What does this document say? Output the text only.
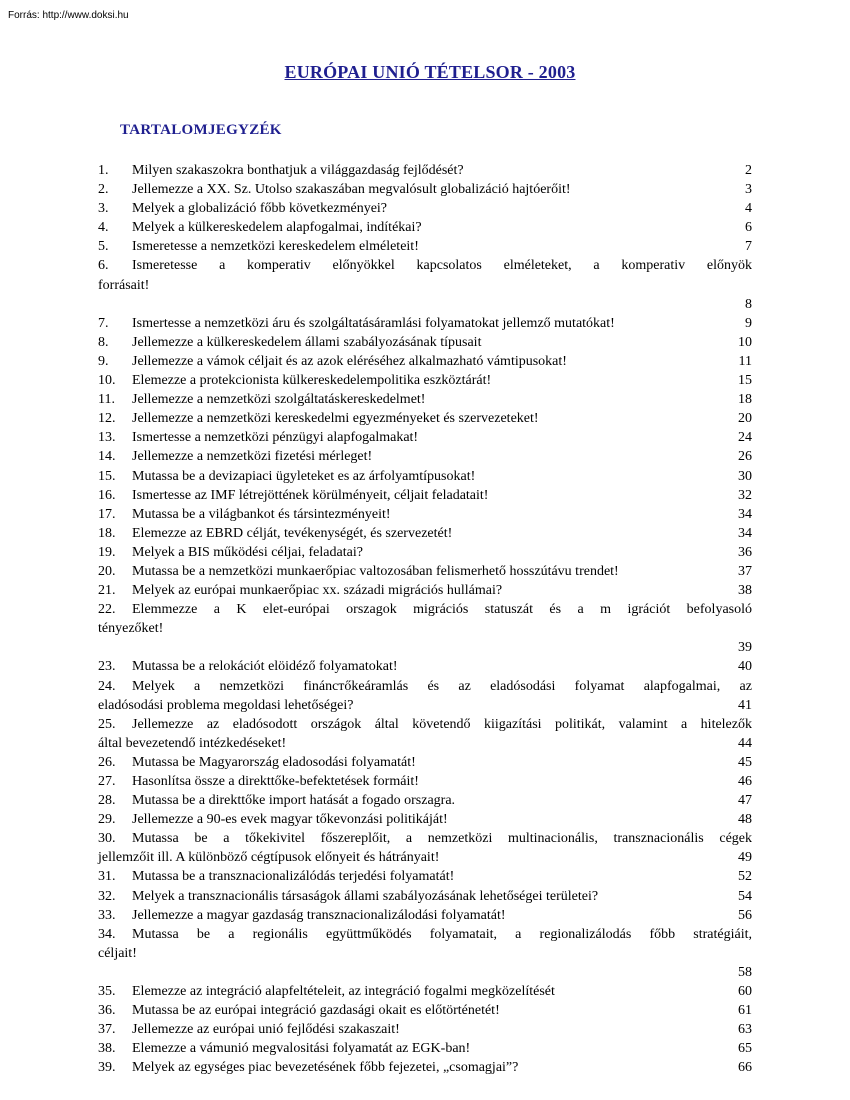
Forrás: http://www.doksi.hu
EURÓPAI UNIÓ TÉTELSOR - 2003
TARTALOMJEGYZÉK
1. Milyen szakaszokra bonthatjuk a világgazdaság fejlődését?	2
2. Jellemezze a XX. Sz. Utolso szakaszában megvalósult globalizáció hajtóerőit!	3
3. Melyek a globalizáció főbb következményei?	4
4. Melyek a külkereskedelem alapfogalmai, indítékai?	6
5. Ismeretesse a nemzetközi kereskedelem elméleteit!	7
6.	Ismeretesse a komperativ előnyökkel kapcsolatos elméleteket, a komperativ előnyök
forrásait!
8
7. Ismertesse a nemzetközi áru és szolgáltatásáramlási folyamatokat jellemző mutatókat!	9
8. Jellemezze a külkereskedelem állami szabályozásának típusait	10
9. Jellemezze a vámok céljait és az azok eléréséhez alkalmazható vámtipusokat!	11
10. Elemezze a protekcionista külkereskedelempolitika eszköztárát!	15
11. Jellemezze a nemzetközi szolgáltatáskereskedelmet!	18
12. Jellemezze a nemzetközi kereskedelmi egyezményeket és szervezeteket!	20
13. Ismertesse a nemzetközi pénzügyi alapfogalmakat!	24
14. Jellemezze a nemzetközi fizetési mérleget!	26
15. Mutassa be a devizapiaci ügyleteket es az árfolyamtípusokat!	30
16. Ismertesse az IMF létrejöttének körülményeit, céljait feladatait!	32
17. Mutassa be a világbankot és társintezményeit!	34
18. Elemezze az EBRD célját, tevékenységét, és szervezetét!	34
19. Melyek a BIS működési céljai, feladatai?	36
20. Mutassa be a nemzetközi munkaerőpiac valtozosában felismerhető hosszútávu trendet!	37
21. Melyek az európai munkaerőpiac xx. századi migrációs hullámai?	38
22.	Elemmezze a K elet-európai orszagok migrációs statuszát és a m igrációt befolyasoló
tényezőket!
39
23. Mutassa be a relokációt elöidéző folyamatokat!	40
24.	Melyek a nemzetközi fináncтőkeáramlás és az eladósodási folyamat alapfogalmai, az
eladósodási problema megoldasi lehetőségei?	41
25.	Jellemezze az eladósodott országok által követendő kiigazítási politikát, valamint a hitelezők
által bevezetendő intézkedéseket!	44
26. Mutassa be Magyarország eladosodási folyamatát!	45
27. Hasonlítsa össze a direkttőke-befektetések formáit!	46
28. Mutassa be a direkttőke import hatását a fogado orszagra.	47
29. Jellemezze a 90-es evek magyar tőkevonzási politikáját!	48
30.	Mutassa be a tőkekivitel főszereplőit, a nemzetközi multinacionális, transznacionális cégek
jellemzőit ill. A különböző cégtípusok előnyeit és hátrányait!	49
31. Mutassa be a transznacionalizálódás terjedési folyamatát!	52
32. Melyek a transznacionális társaságok állami szabályozásának lehetőségei területei?	54
33. Jellemezze a magyar gazdaság transznacionalizálodási folyamatát!	56
34.	Mutassa be a regionális együttműködés folyamatait, a regionalizálodás főbb stratégiáit,
céljait!
58
35. Elemezze az integráció alapfeltételeit, az integráció fogalmi megközelítését	60
36. Mutassa be az európai integráció gazdasági okait es előtörténetét!	61
37. Jellemezze az európai unió fejlődési szakaszait!	63
38. Elemezze a vámunió megvalositási folyamatát az EGK-ban!	65
39. Melyek az egységes piac bevezetésének főbb fejezetei, „csomagjai”?	66
